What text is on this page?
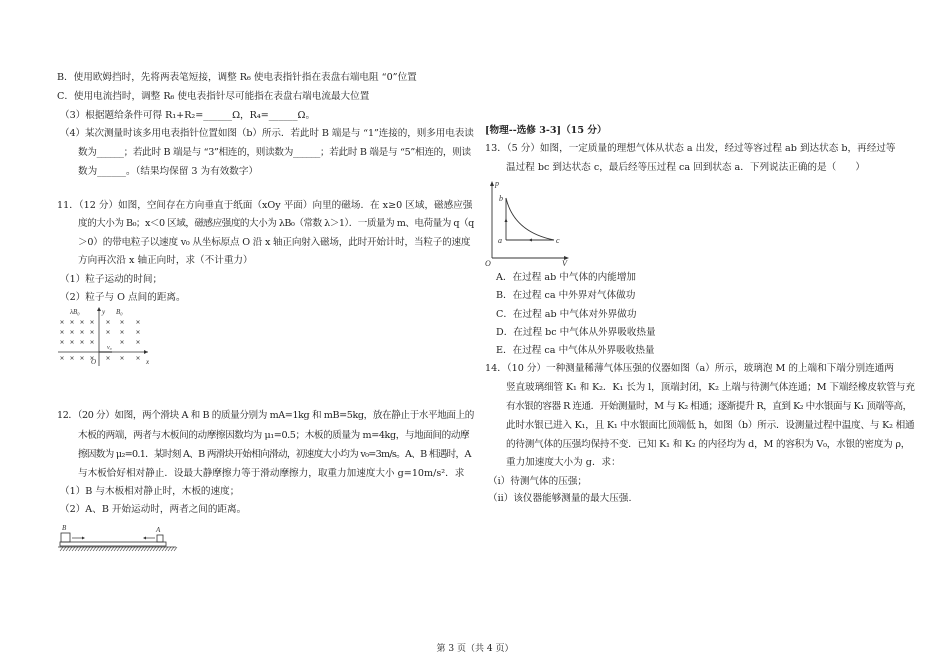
B．使用欧姆挡时，先将两表笔短接，调整 R₆ 使电表指针指在表盘右端电阻 “0”位置
C．使用电流挡时，调整 R₆ 使电表指针尽可能指在表盘右端电流最大位置
（3）根据题给条件可得 R₁+R₂=______Ω，R₄=______Ω。
（4）某次测量时该多用电表指针位置如图（b）所示．若此时 B 端是与 “1”连接的，则多用电表读
数为______；若此时 B 端是与 “3”相连的，则读数为______；若此时 B 端是与 “5”相连的，则读
数为______。（结果均保留 3 为有效数字）
11．（12 分）如图，空间存在方向垂直于纸面（xOy 平面）向里的磁场．在 x≥0 区域，磁感应强
度的大小为 B₀；x＜0 区域，磁感应强度的大小为 λB₀（常数 λ＞1）．一质量为 m、电荷量为 q（q
＞0）的带电粒子以速度 v₀ 从坐标原点 O 沿 x 轴正向射入磁场，此时开始计时，当粒子的速度
方向再次沿 x 轴正向时，求（不计重力）
（1）粒子运动的时间；
（2）粒子与 O 点间的距离。
12．（20 分）如图，两个滑块 A 和 B 的质量分别为 mA=1kg 和 mB=5kg，放在静止于水平地面上的
木板的两端，两者与木板间的动摩擦因数均为 μ₁=0.5；木板的质量为 m=4kg，与地面间的动摩
擦因数为 μ₂=0.1．某时刻 A、B 两滑块开始相向滑动，初速度大小均为 v₀=3m/s。A、B 相遇时，A
与木板恰好相对静止．设最大静摩擦力等于滑动摩擦力，取重力加速度大小 g=10m/s²．求
（1）B 与木板相对静止时，木板的速度；
（2）A、B 开始运动时，两者之间的距离。
[物理--选修 3-3]（15 分）
13．（5 分）如图，一定质量的理想气体从状态 a 出发，经过等容过程 ab 到达状态 b，再经过等
温过程 bc 到达状态 c，最后经等压过程 ca 回到状态 a．下列说法正确的是（　　）
A．在过程 ab 中气体的内能增加
B．在过程 ca 中外界对气体做功
C．在过程 ab 中气体对外界做功
D．在过程 bc 中气体从外界吸收热量
E．在过程 ca 中气体从外界吸收热量
14．（10 分）一种测量稀薄气体压强的仪器如图（a）所示，玻璃泡 M 的上端和下端分别连通两
竖直玻璃细管 K₁ 和 K₂．K₁ 长为 l，顶端封闭，K₂ 上端与待测气体连通；M 下端经橡皮软管与充
有水银的容器 R 连通．开始测量时，M 与 K₂ 相通；逐渐提升 R，直到 K₂ 中水银面与 K₁ 顶端等高，
此时水银已进入 K₁，且 K₁ 中水银面比顶端低 h，如图（b）所示．设测量过程中温度、与 K₂ 相通
的待测气体的压强均保持不变．已知 K₁ 和 K₂ 的内径均为 d，M 的容积为 V₀，水银的密度为 ρ，
重力加速度大小为 g．求：
（i）待测气体的压强；
（ii）该仪器能够测量的最大压强.
λB₀	y B₀
O
v₀
x
B	A
p
b
a	c
O	V
第 3 页（共 4 页）
